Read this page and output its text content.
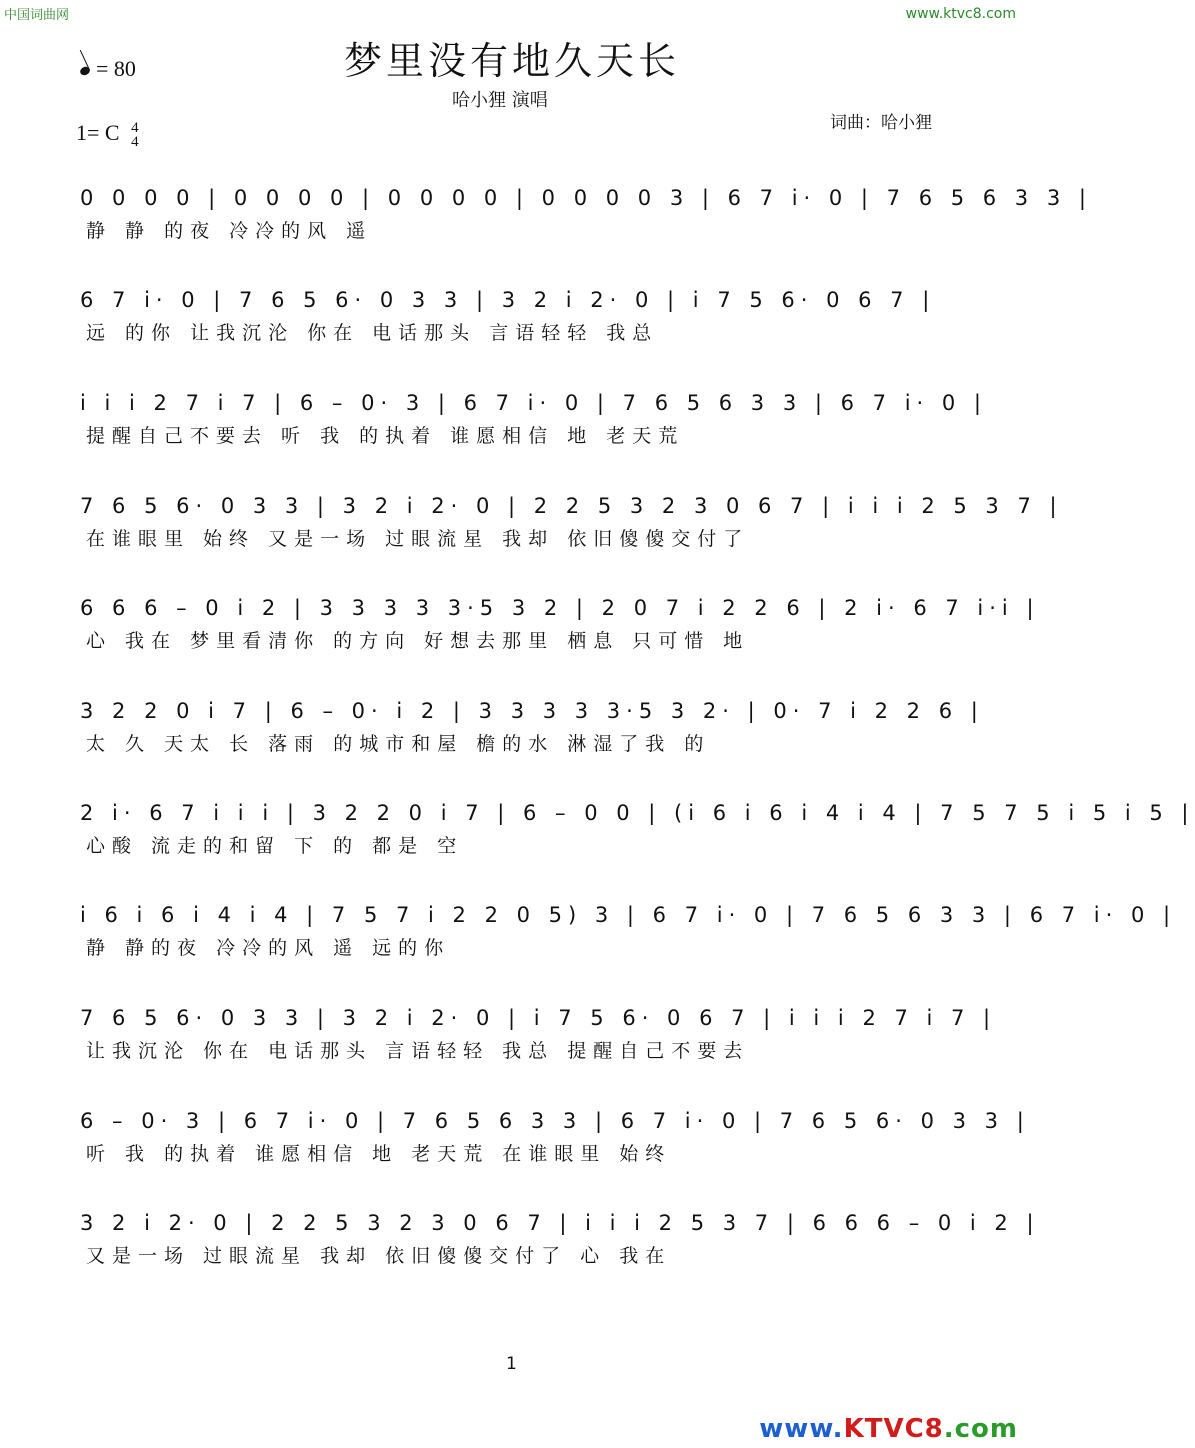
中国词曲网	www.ktvc8.com
= 80	梦里没有地久天长
哈小狸 演唱
1= C 4
4
词曲：哈小狸
0 0 0 0 | 0 0 0 0 | 0 0 0 0 | 0 0 0 0 3 | 6 7 i· 0 | 7 6 5 6 3 3 |
静 静 的夜 冷冷的风 遥
6 7 i· 0 | 7 6 5 6· 0 3 3 | 3 2 i 2· 0 | i 7 5 6· 0 6 7 |
远 的你 让我沉沦 你在 电话那头 言语轻轻 我总
i i i 2 7 i 7 | 6 – 0· 3 | 6 7 i· 0 | 7 6 5 6 3 3 | 6 7 i· 0 |
提醒自己不要去 听 我 的执着 谁愿相信 地 老天荒
7 6 5 6· 0 3 3 | 3 2 i 2· 0 | 2 2 5 3 2 3 0 6 7 | i i i 2 5 3 7 |
在谁眼里 始终 又是一场 过眼流星 我却 依旧傻傻交付了
6 6 6 – 0 i 2 | 3 3 3 3 3·5 3 2 | 2 0 7 i 2 2 6 | 2 i· 6 7 i·i |
心 我在 梦里看清你 的方向 好想去那里 栖息 只可惜 地
3 2 2 0 i 7 | 6 – 0· i 2 | 3 3 3 3 3·5 3 2· | 0· 7 i 2 2 6 |
太 久 天太 长 落雨 的城市和屋 檐的水 淋湿了我 的
2 i· 6 7 i i i | 3 2 2 0 i 7 | 6 – 0 0 | (i 6 i 6 i 4 i 4 | 7 5 7 5 i 5 i 5 |
心酸 流走的和留 下 的 都是 空
i 6 i 6 i 4 i 4 | 7 5 7 i 2 2 0 5) 3 | 6 7 i· 0 | 7 6 5 6 3 3 | 6 7 i· 0 |
静 静的夜 冷冷的风 遥 远的你
7 6 5 6· 0 3 3 | 3 2 i 2· 0 | i 7 5 6· 0 6 7 | i i i 2 7 i 7 |
让我沉沦 你在 电话那头 言语轻轻 我总 提醒自己不要去
6 – 0· 3 | 6 7 i· 0 | 7 6 5 6 3 3 | 6 7 i· 0 | 7 6 5 6· 0 3 3 |
听 我 的执着 谁愿相信 地 老天荒 在谁眼里 始终
3 2 i 2· 0 | 2 2 5 3 2 3 0 6 7 | i i i 2 5 3 7 | 6 6 6 – 0 i 2 |
又是一场 过眼流星 我却 依旧傻傻交付了 心 我在
1
www.KTVC8.com
